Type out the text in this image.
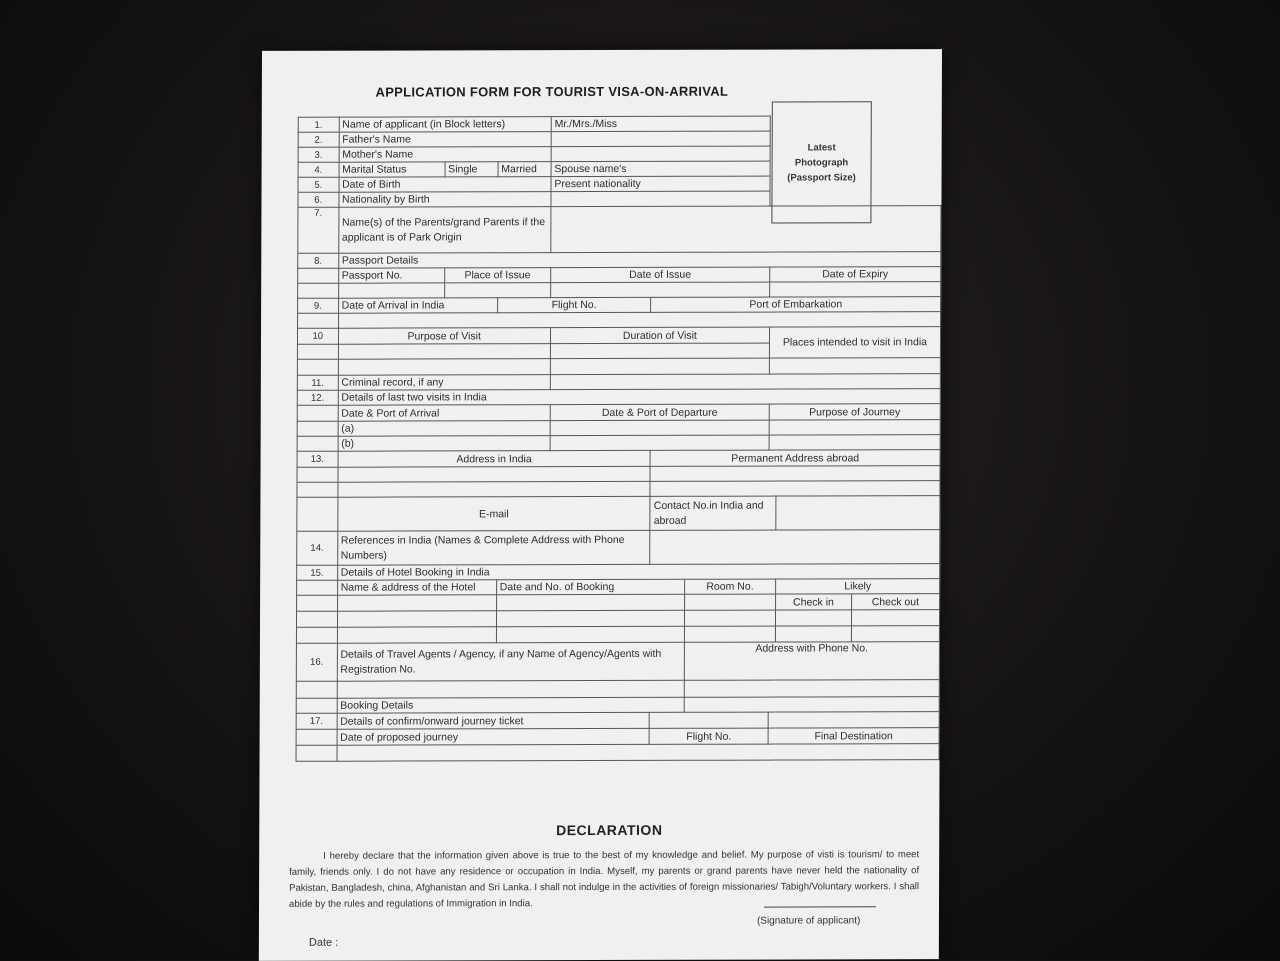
APPLICATION FORM FOR TOURIST VISA-ON-ARRIVAL
Latest
Photograph
(Passport Size)
1.	Name of applicant (in Block letters)			Mr./Mrs./Miss					
2.	Father's Name								
3.	Mother's Name								
4.	Marital Status	Single	Married	Spouse name's					
5.	Date of Birth			Present nationality					
6.	Nationality by Birth								
7.	Name(s) of the Parents/grand Parents if the applicant is of Park Origin								
8.	Passport Details								
	Passport No.	Place of Issue		Date of Issue			Date of Expiry		

9.	Date of Arrival in India		Flight No.		Port of Embarkation				

10	Purpose of Visit			Duration of Visit			Places intended to visit in India		

11.	Criminal record, if any								
12.	Details of last two visits in India								
	Date & Port of Arrival			Date & Port of Departure			Purpose of Journey		
	(a)								
	(b)								
13.	Address in India				Permanent Address abroad				

	E-mail				Contact No.in India and abroad				
14.	References in India (Names & Complete Address with Phone Numbers)								
15.	Details of Hotel Booking in India								
	Name & address of the Hotel		Date and No. of Booking			Room No.		Likely	
								Check in	Check out

16.	Details of Travel Agents / Agency, if any Name of Agency/Agents with Registration No.					Address with Phone No.			

	Booking Details								
17.	Details of confirm/onward journey ticket								
	Date of proposed journey				Flight No.		Final Destination		

DECLARATION
I hereby declare that the information given above is true to the best of my knowledge and belief. My purpose of visti is tourism/ to meet family, friends only. I do not have any residence or occupation in India. Myself, my parents or grand parents have never held the nationality of Pakistan, Bangladesh, china, Afghanistan and Sri Lanka. I shall not indulge in the activities of foreign missionaries/ Tabigh/Voluntary workers. I shall abide by the rules and regulations of Immigration in India.
(Signature of applicant)
Date :
